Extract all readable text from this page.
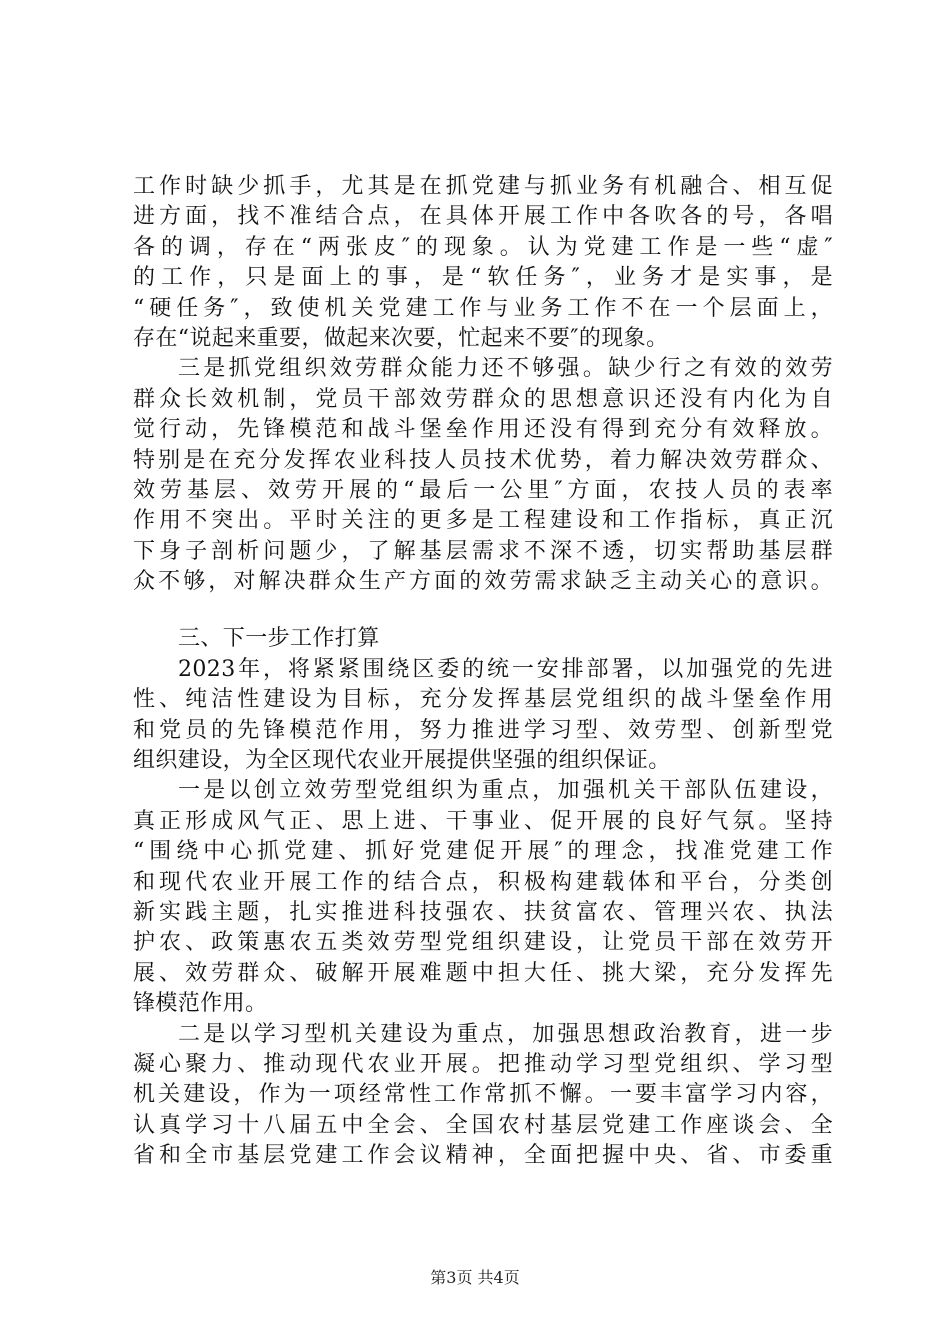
工作时缺少抓手，尤其是在抓党建与抓业务有机融合、相互促
进方面，找不准结合点，在具体开展工作中各吹各的号，各唱
各的调，存在“两张皮″的现象。认为党建工作是一些“虚″
的工作，只是面上的事，是“软任务″，业务才是实事，是
“硬任务″，致使机关党建工作与业务工作不在一个层面上，
存在“说起来重要，做起来次要，忙起来不要″的现象。
三是抓党组织效劳群众能力还不够强。缺少行之有效的效劳
群众长效机制，党员干部效劳群众的思想意识还没有内化为自
觉行动，先锋模范和战斗堡垒作用还没有得到充分有效释放。
特别是在充分发挥农业科技人员技术优势，着力解决效劳群众、
效劳基层、效劳开展的“最后一公里″方面，农技人员的表率
作用不突出。平时关注的更多是工程建设和工作指标，真正沉
下身子剖析问题少，了解基层需求不深不透，切实帮助基层群
众不够，对解决群众生产方面的效劳需求缺乏主动关心的意识。
三、下一步工作打算
2023年，将紧紧围绕区委的统一安排部署，以加强党的先进
性、纯洁性建设为目标，充分发挥基层党组织的战斗堡垒作用
和党员的先锋模范作用，努力推进学习型、效劳型、创新型党
组织建设，为全区现代农业开展提供坚强的组织保证。
一是以创立效劳型党组织为重点，加强机关干部队伍建设，
真正形成风气正、思上进、干事业、促开展的良好气氛。坚持
“围绕中心抓党建、抓好党建促开展″的理念，找准党建工作
和现代农业开展工作的结合点，积极构建载体和平台，分类创
新实践主题，扎实推进科技强农、扶贫富农、管理兴农、执法
护农、政策惠农五类效劳型党组织建设，让党员干部在效劳开
展、效劳群众、破解开展难题中担大任、挑大梁，充分发挥先
锋模范作用。
二是以学习型机关建设为重点，加强思想政治教育，进一步
凝心聚力、推动现代农业开展。把推动学习型党组织、学习型
机关建设，作为一项经常性工作常抓不懈。一要丰富学习内容，
认真学习十八届五中全会、全国农村基层党建工作座谈会、全
省和全市基层党建工作会议精神，全面把握中央、省、市委重
第3页 共4页
